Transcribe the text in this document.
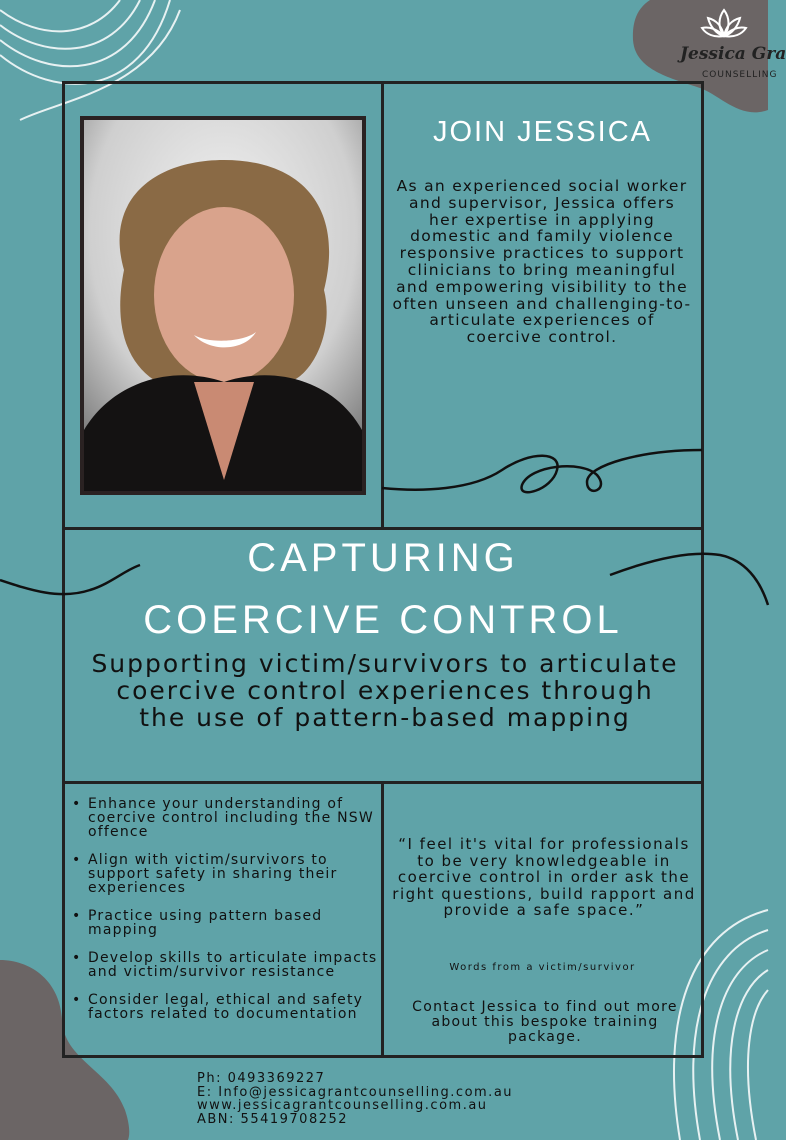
Jessica Gra
COUNSELLING
JOIN JESSICA
As an experienced social worker and supervisor, Jessica offers her expertise in applying domestic and family violence responsive practices to support clinicians to bring meaningful and empowering visibility to the often unseen and challenging-to-articulate experiences of coercive control.
CAPTURING
COERCIVE CONTROL
Supporting victim/survivors to articulate coercive control experiences through the use of pattern-based mapping
• Enhance your understanding of coercive control including the NSW offence
• Align with victim/survivors to support safety in sharing their experiences
• Practice using pattern based mapping
• Develop skills to articulate impacts and victim/survivor resistance
• Consider legal, ethical and safety factors related to documentation
“I feel it's vital for professionals to be very knowledgeable in coercive control in order ask the right questions, build rapport and provide a safe space.”
Words from a victim/survivor
Contact Jessica to find out more about this bespoke training package.
Ph: 0493369227
E: Info@jessicagrantcounselling.com.au
www.jessicagrantcounselling.com.au
ABN: 55419708252
